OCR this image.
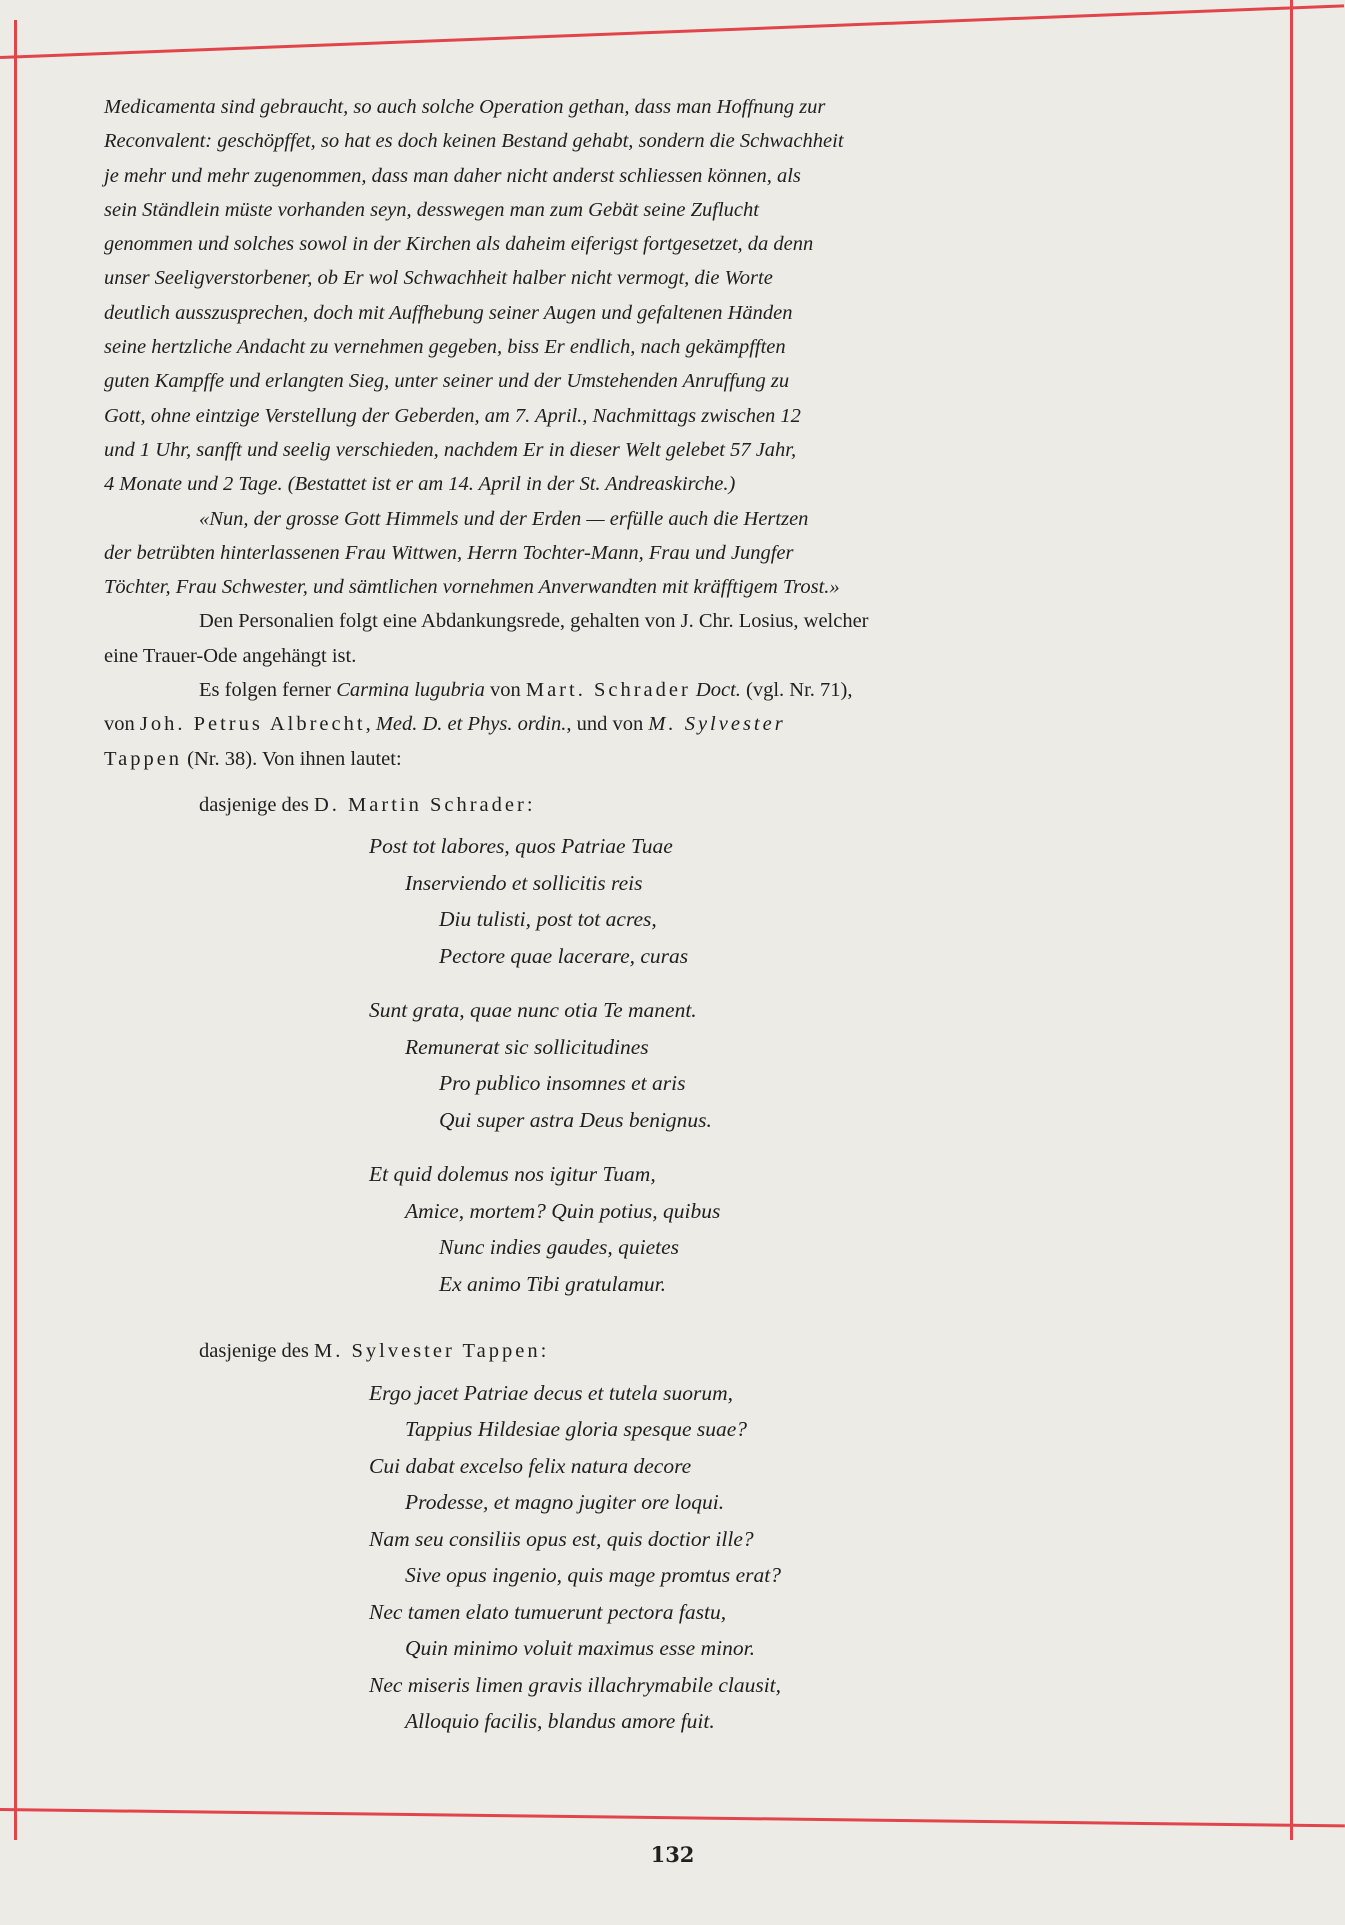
Medicamenta sind gebraucht, so auch solche Operation gethan, dass man Hoffnung zur
Reconvalent: geschöpffet, so hat es doch keinen Bestand gehabt, sondern die Schwachheit
je mehr und mehr zugenommen, dass man daher nicht anderst schliessen können, als
sein Ständlein müste vorhanden seyn, desswegen man zum Gebät seine Zuflucht
genommen und solches sowol in der Kirchen als daheim eiferigst fortgesetzet, da denn
unser Seeligverstorbener, ob Er wol Schwachheit halber nicht vermogt, die Worte
deutlich ausszusprechen, doch mit Auffhebung seiner Augen und gefaltenen Händen
seine hertzliche Andacht zu vernehmen gegeben, biss Er endlich, nach gekämpfften
guten Kampffe und erlangten Sieg, unter seiner und der Umstehenden Anruffung zu
Gott, ohne eintzige Verstellung der Geberden, am 7. April., Nachmittags zwischen 12
und 1 Uhr, sanfft und seelig verschieden, nachdem Er in dieser Welt gelebet 57 Jahr,
4 Monate und 2 Tage. (Bestattet ist er am 14. April in der St. Andreaskirche.)
«Nun, der grosse Gott Himmels und der Erden — erfülle auch die Hertzen
der betrübten hinterlassenen Frau Wittwen, Herrn Tochter-Mann, Frau und Jungfer
Töchter, Frau Schwester, und sämtlichen vornehmen Anverwandten mit kräfftigem Trost.»
Den Personalien folgt eine Abdankungsrede, gehalten von J. Chr. Losius, welcher
eine Trauer-Ode angehängt ist.
Es folgen ferner Carmina lugubria von Mart. Schrader Doct. (vgl. Nr. 71),
von Joh. Petrus Albrecht, Med. D. et Phys. ordin., und von M. Sylvester
Tappen (Nr. 38). Von ihnen lautet:
dasjenige des D. Martin Schrader:
Post tot labores, quos Patriae Tuae
Inserviendo et sollicitis reis
Diu tulisti, post tot acres,
Pectore quae lacerare, curas
Sunt grata, quae nunc otia Te manent.
Remunerat sic sollicitudines
Pro publico insomnes et aris
Qui super astra Deus benignus.
Et quid dolemus nos igitur Tuam,
Amice, mortem? Quin potius, quibus
Nunc indies gaudes, quietes
Ex animo Tibi gratulamur.
dasjenige des M. Sylvester Tappen:
Ergo jacet Patriae decus et tutela suorum,
Tappius Hildesiae gloria spesque suae?
Cui dabat excelso felix natura decore
Prodesse, et magno jugiter ore loqui.
Nam seu consiliis opus est, quis doctior ille?
Sive opus ingenio, quis mage promtus erat?
Nec tamen elato tumuerunt pectora fastu,
Quin minimo voluit maximus esse minor.
Nec miseris limen gravis illachrymabile clausit,
Alloquio facilis, blandus amore fuit.
132
